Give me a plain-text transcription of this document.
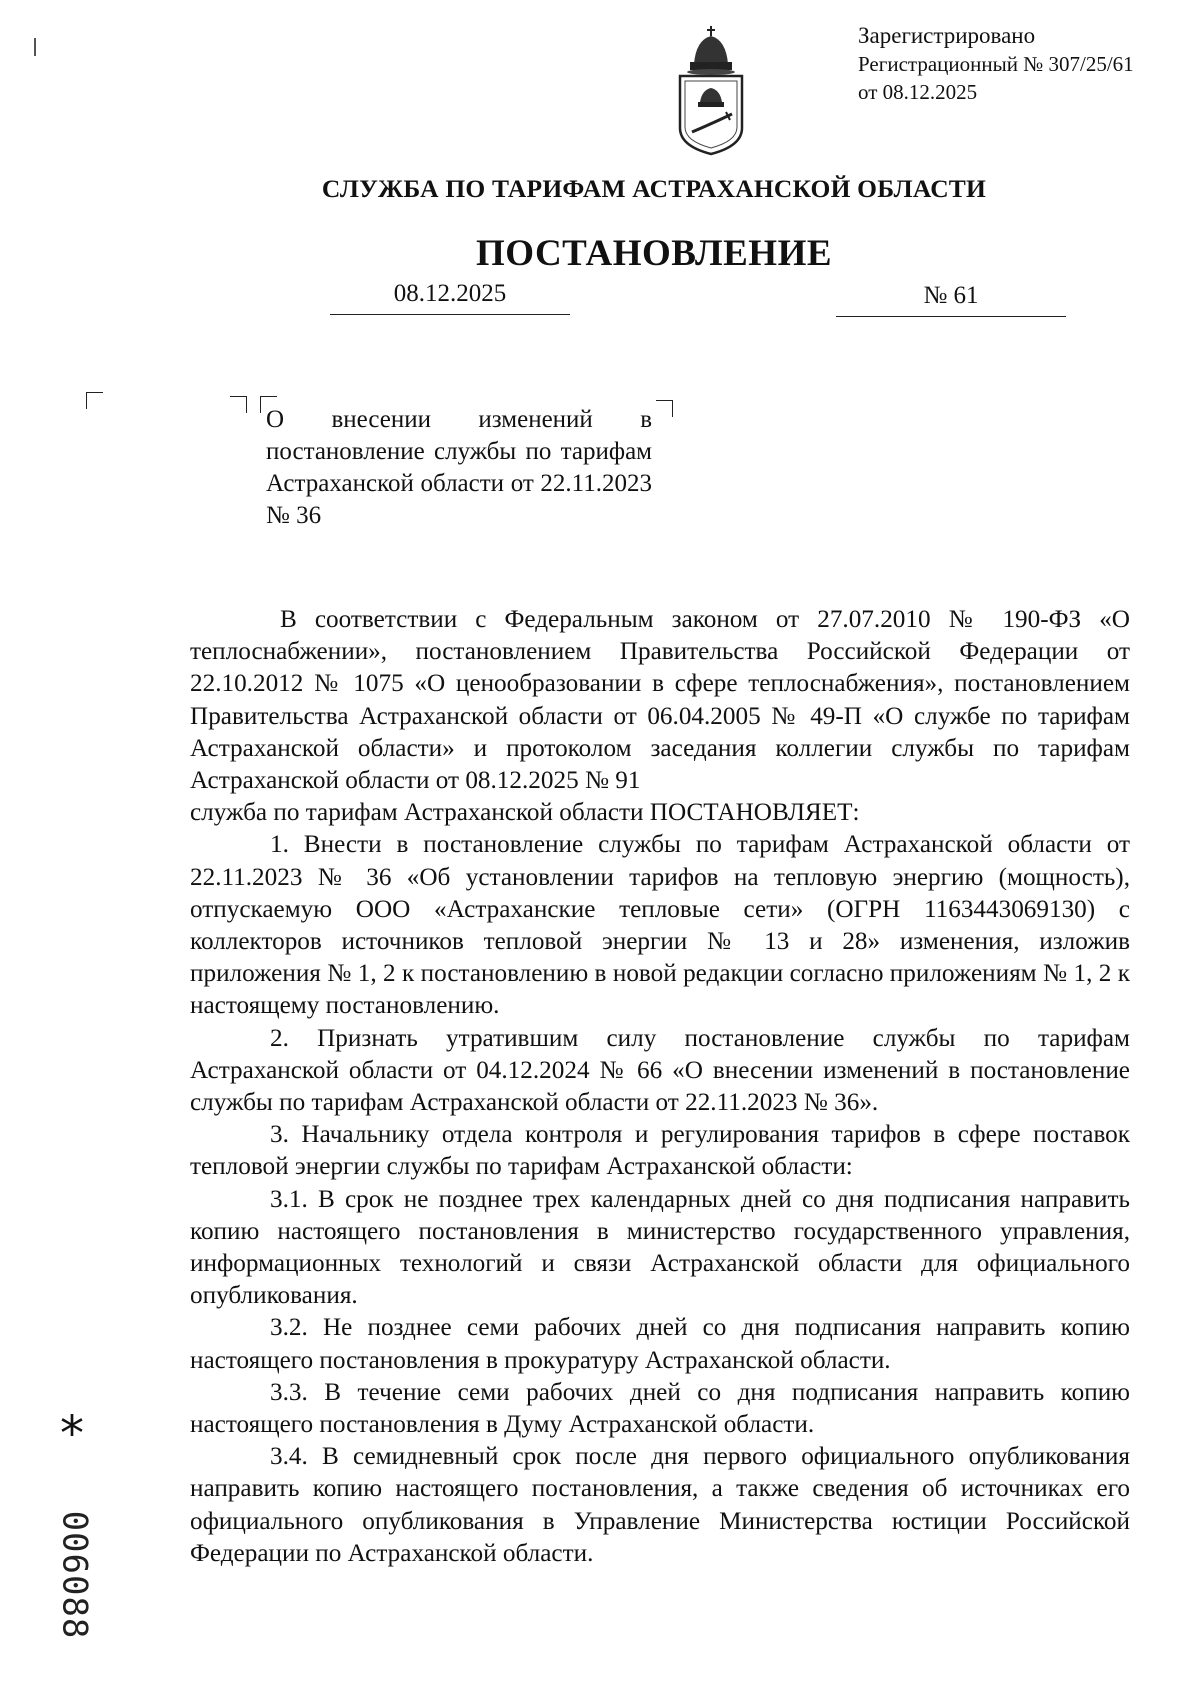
Зарегистрировано
Регистрационный № 307/25/61
от 08.12.2025
СЛУЖБА ПО ТАРИФАМ АСТРАХАНСКОЙ ОБЛАСТИ
ПОСТАНОВЛЕНИЕ
08.12.2025	№ 61

О внесении изменений в постановление службы по тарифам Астраханской области от 22.11.2023 № 36

В соответствии с Федеральным законом от 27.07.2010 № 190-ФЗ «О теплоснабжении», постановлением Правительства Российской Федерации от 22.10.2012 № 1075 «О ценообразовании в сфере теплоснабжения», постановлением Правительства Астраханской области от 06.04.2005 № 49-П «О службе по тарифам Астраханской области» и протоколом заседания коллегии службы по тарифам Астраханской области от 08.12.2025 № 91

служба по тарифам Астраханской области ПОСТАНОВЛЯЕТ:

1. Внести в постановление службы по тарифам Астраханской области от 22.11.2023 № 36 «Об установлении тарифов на тепловую энергию (мощность), отпускаемую ООО «Астраханские тепловые сети» (ОГРН 1163443069130) с коллекторов источников тепловой энергии № 13 и 28» изменения, изложив приложения № 1, 2 к постановлению в новой редакции согласно приложениям № 1, 2 к настоящему постановлению.

2. Признать утратившим силу постановление службы по тарифам Астраханской области от 04.12.2024 № 66 «О внесении изменений в постановление службы по тарифам Астраханской области от 22.11.2023 № 36».

3. Начальнику отдела контроля и регулирования тарифов в сфере поставок тепловой энергии службы по тарифам Астраханской области:

3.1. В срок не позднее трех календарных дней со дня подписания направить копию настоящего постановления в министерство государственного управления, информационных технологий и связи Астраханской области для официального опубликования.

3.2. Не позднее семи рабочих дней со дня подписания направить копию настоящего постановления в прокуратуру Астраханской области.

3.3. В течение семи рабочих дней со дня подписания направить копию настоящего постановления в Думу Астраханской области.

3.4. В семидневный срок после дня первого официального опубликования направить копию настоящего постановления, а также сведения об источниках его официального опубликования в Управление Министерства юстиции Российской Федерации по Астраханской области.

*
006088
